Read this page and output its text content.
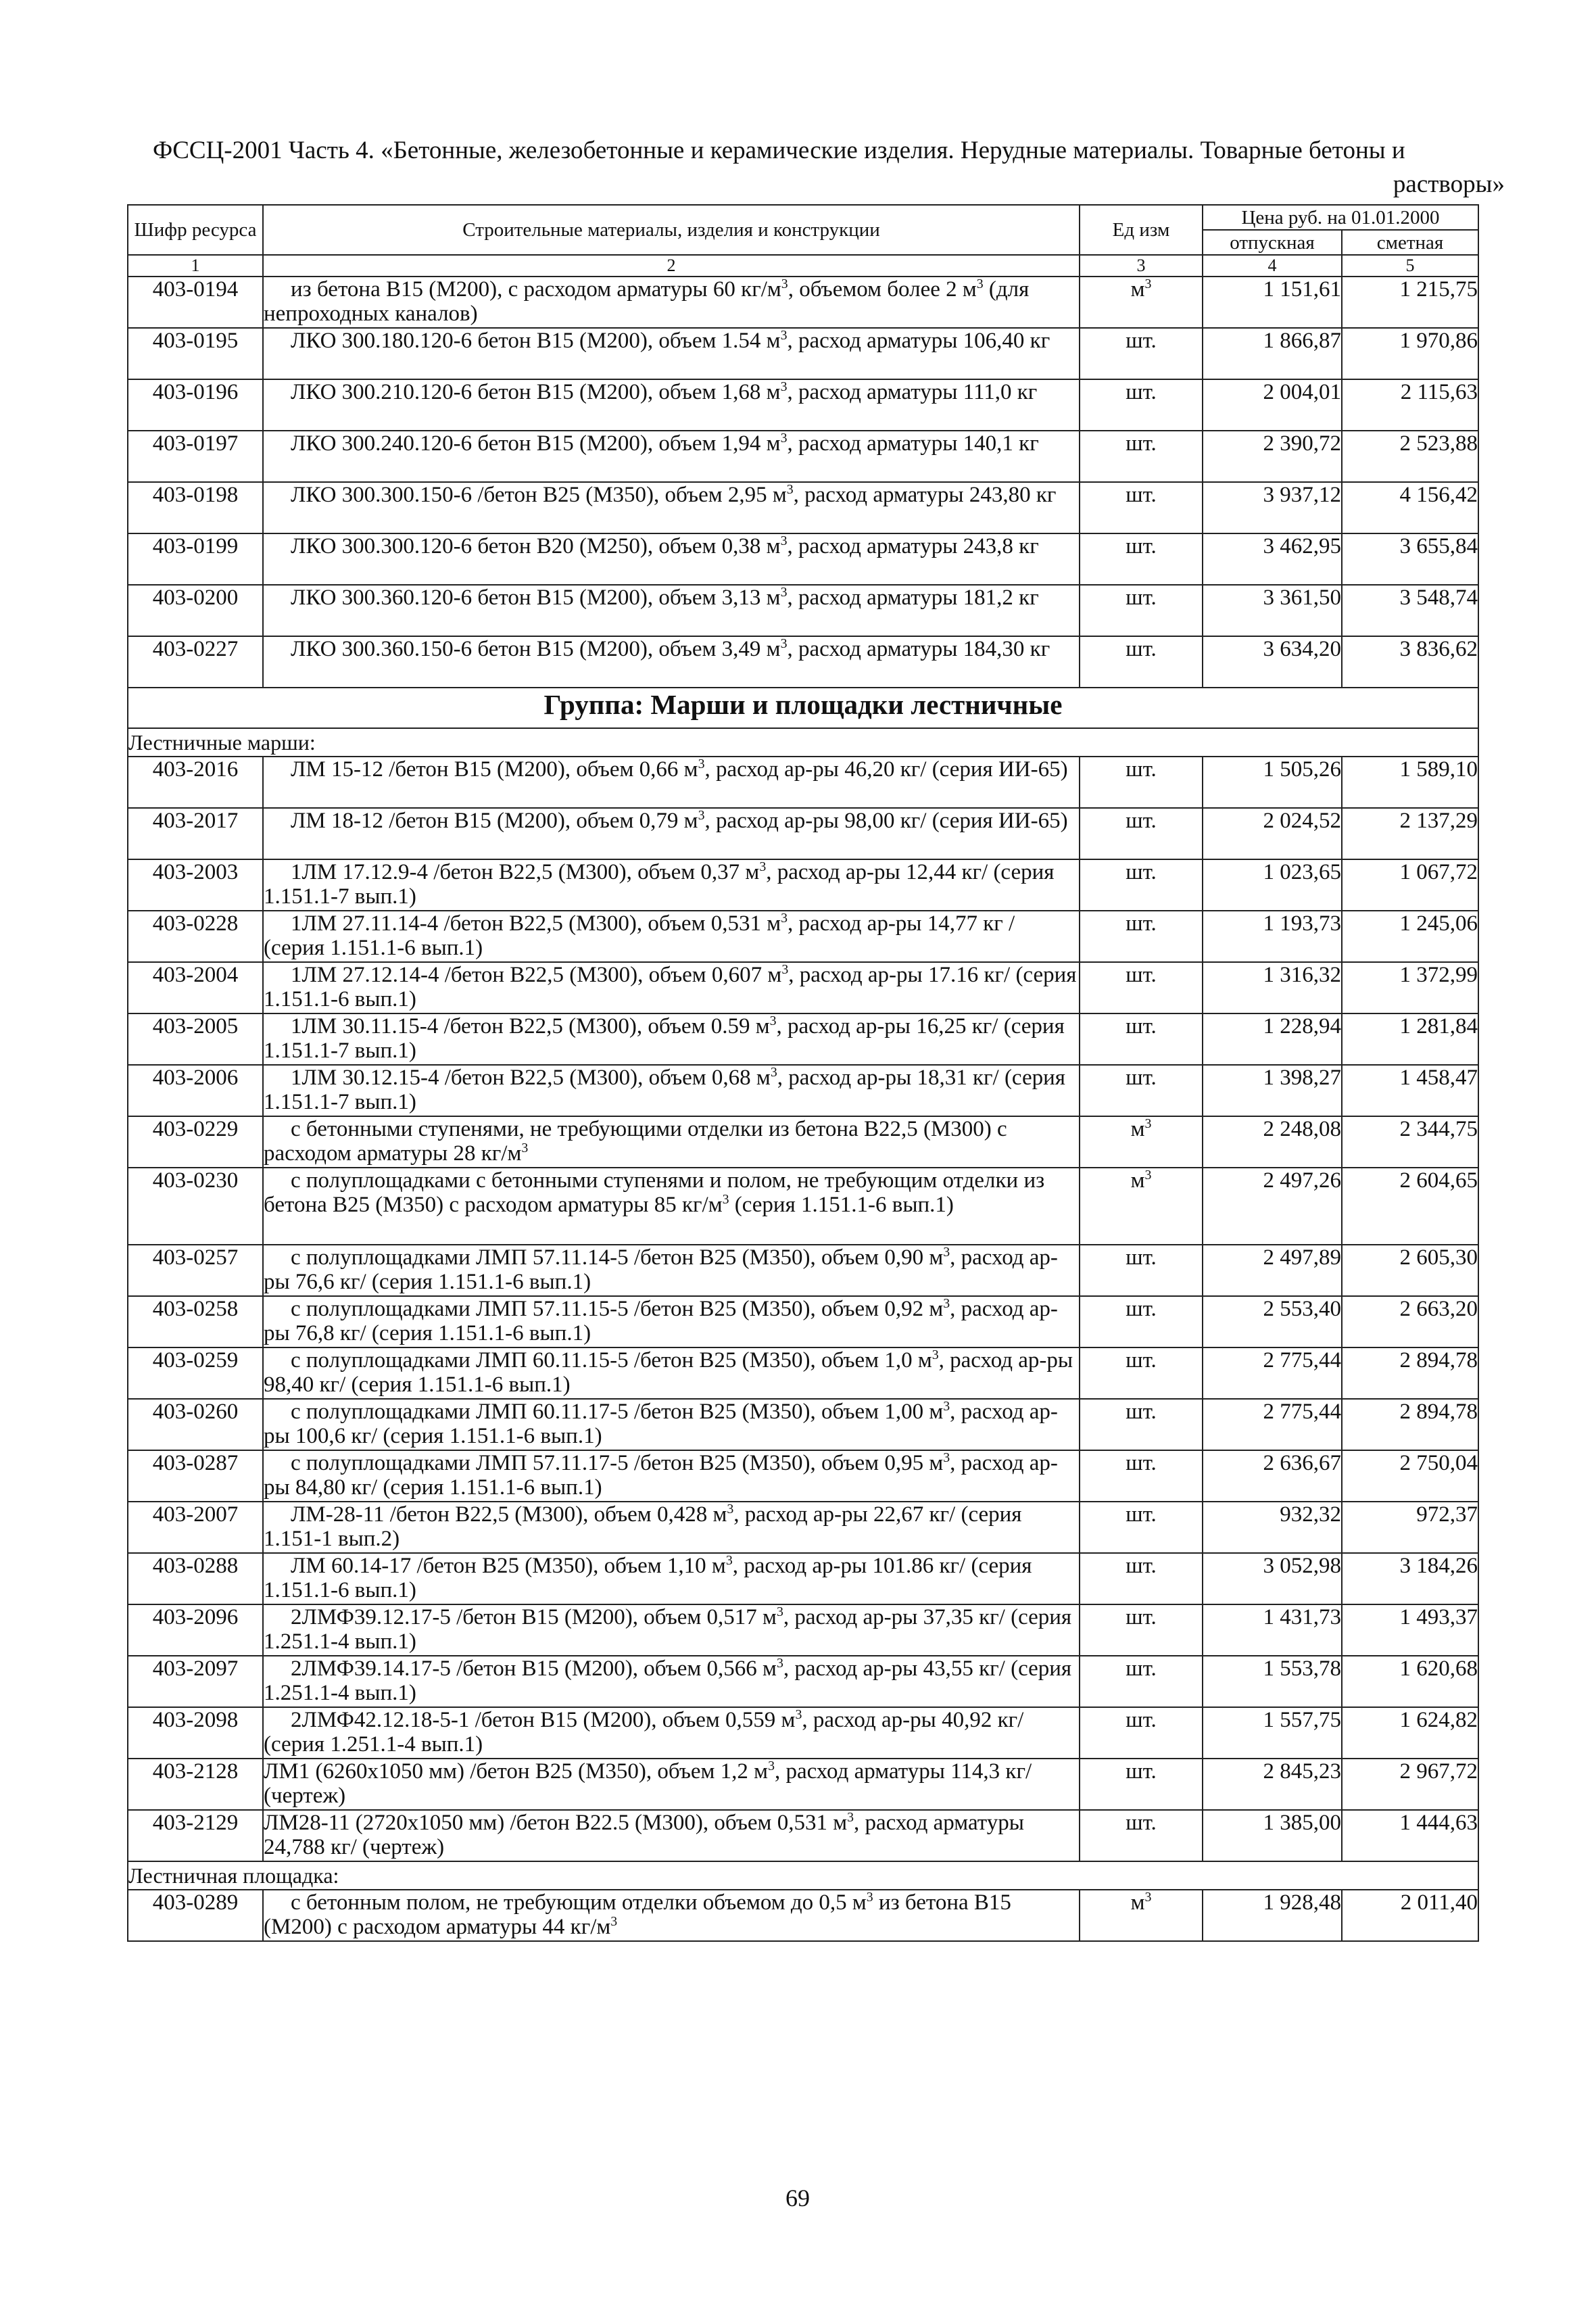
ФССЦ-2001 Часть 4. «Бетонные, железобетонные и керамические изделия. Нерудные материалы. Товарные бетоны и
растворы»
Шифр ресурса	Строительные материалы, изделия и конструкции	Ед изм	Цена руб. на 01.01.2000	
			отпускная	сметная
1	2	3	4	5
403-0194	из бетона В15 (М200), с расходом арматуры 60 $кг/м^3$, объемом более 2 $м^3$ (для непроходных каналов)	$м^3$	1 151,61	1 215,75
403-0195	ЛКО 300.180.120-6 бетон В15 (М200), объем 1.54 $м^3$, расход арматуры 106,40 кг	шт.	1 866,87	1 970,86
403-0196	ЛКО 300.210.120-6 бетон В15 (М200), объем 1,68 $м^3$, расход арматуры 111,0 кг	шт.	2 004,01	2 115,63
403-0197	ЛКО 300.240.120-6 бетон В15 (М200), объем 1,94 $м^3$, расход арматуры 140,1 кг	шт.	2 390,72	2 523,88
403-0198	ЛКО 300.300.150-6 /бетон В25 (М350), объем 2,95 $м^3$, расход арматуры 243,80 кг	шт.	3 937,12	4 156,42
403-0199	ЛКО 300.300.120-6 бетон В20 (М250), объем 0,38 $м^3$, расход арматуры 243,8 кг	шт.	3 462,95	3 655,84
403-0200	ЛКО 300.360.120-6 бетон В15 (М200), объем 3,13 $м^3$, расход арматуры 181,2 кг	шт.	3 361,50	3 548,74
403-0227	ЛКО 300.360.150-6 бетон В15 (М200), объем 3,49 $м^3$, расход арматуры 184,30 кг	шт.	3 634,20	3 836,62
Группа: Марши и площадки лестничные				
Лестничные марши:				
403-2016	ЛМ 15-12 /бетон В15 (М200), объем 0,66 $м^3$, расход ар-ры 46,20 кг/ (серия ИИ-65)	шт.	1 505,26	1 589,10
403-2017	ЛМ 18-12 /бетон В15 (М200), объем 0,79 $м^3$, расход ар-ры 98,00 кг/ (серия ИИ-65)	шт.	2 024,52	2 137,29
403-2003	1ЛМ 17.12.9-4 /бетон В22,5 (М300), объем 0,37 $м^3$, расход ар-ры 12,44 кг/ (серия 1.151.1-7 вып.1)	шт.	1 023,65	1 067,72
403-0228	1ЛМ 27.11.14-4 /бетон В22,5 (М300), объем 0,531 $м^3$, расход ар-ры 14,77 кг / (серия 1.151.1-6 вып.1)	шт.	1 193,73	1 245,06
403-2004	1ЛМ 27.12.14-4 /бетон В22,5 (М300), объем 0,607 $м^3$, расход ар-ры 17.16 кг/ (серия 1.151.1-6 вып.1)	шт.	1 316,32	1 372,99
403-2005	1ЛМ 30.11.15-4 /бетон В22,5 (М300), объем 0.59 $м^3$, расход ар-ры 16,25 кг/ (серия 1.151.1-7 вып.1)	шт.	1 228,94	1 281,84
403-2006	1ЛМ 30.12.15-4 /бетон В22,5 (М300), объем 0,68 $м^3$, расход ар-ры 18,31 кг/ (серия 1.151.1-7 вып.1)	шт.	1 398,27	1 458,47
403-0229	с бетонными ступенями, не требующими отделки из бетона В22,5 (М300) с расходом арматуры 28 $кг/м^3$	$м^3$	2 248,08	2 344,75
403-0230	с полуплощадками с бетонными ступенями и полом, не требующим отделки из бетона В25 (М350) с расходом арматуры 85 $кг/м^3$ (серия 1.151.1-6 вып.1)	$м^3$	2 497,26	2 604,65
403-0257	с полуплощадками ЛМП 57.11.14-5 /бетон В25 (М350), объем 0,90 $м^3$, расход ар-ры 76,6 кг/ (серия 1.151.1-6 вып.1)	шт.	2 497,89	2 605,30
403-0258	с полуплощадками ЛМП 57.11.15-5 /бетон В25 (М350), объем 0,92 $м^3$, расход ар-ры 76,8 кг/ (серия 1.151.1-6 вып.1)	шт.	2 553,40	2 663,20
403-0259	с полуплощадками ЛМП 60.11.15-5 /бетон В25 (М350), объем 1,0 $м^3$, расход ар-ры 98,40 кг/ (серия 1.151.1-6 вып.1)	шт.	2 775,44	2 894,78
403-0260	с полуплощадками ЛМП 60.11.17-5 /бетон В25 (М350), объем 1,00 $м^3$, расход ар-ры 100,6 кг/ (серия 1.151.1-6 вып.1)	шт.	2 775,44	2 894,78
403-0287	с полуплощадками ЛМП 57.11.17-5 /бетон В25 (М350), объем 0,95 $м^3$, расход ар-ры 84,80 кг/ (серия 1.151.1-6 вып.1)	шт.	2 636,67	2 750,04
403-2007	ЛМ-28-11 /бетон В22,5 (М300), объем 0,428 $м^3$, расход ар-ры 22,67 кг/ (серия 1.151-1 вып.2)	шт.	932,32	972,37
403-0288	ЛМ 60.14-17 /бетон В25 (М350), объем 1,10 $м^3$, расход ар-ры 101.86 кг/ (серия 1.151.1-6 вып.1)	шт.	3 052,98	3 184,26
403-2096	2ЛМФ39.12.17-5 /бетон В15 (М200), объем 0,517 $м^3$, расход ар-ры 37,35 кг/ (серия 1.251.1-4 вып.1)	шт.	1 431,73	1 493,37
403-2097	2ЛМФ39.14.17-5 /бетон В15 (М200), объем 0,566 $м^3$, расход ар-ры 43,55 кг/ (серия 1.251.1-4 вып.1)	шт.	1 553,78	1 620,68
403-2098	2ЛМФ42.12.18-5-1 /бетон В15 (М200), объем 0,559 $м^3$, расход ар-ры 40,92 кг/ (серия 1.251.1-4 вып.1)	шт.	1 557,75	1 624,82
403-2128	ЛМ1 (6260х1050 мм) /бетон В25 (М350), объем 1,2 $м^3$, расход арматуры 114,3 кг/ (чертеж)	шт.	2 845,23	2 967,72
403-2129	ЛМ28-11 (2720х1050 мм) /бетон В22.5 (М300), объем 0,531 $м^3$, расход арматуры 24,788 кг/ (чертеж)	шт.	1 385,00	1 444,63
Лестничная площадка:				
403-0289	с бетонным полом, не требующим отделки объемом до 0,5 $м^3$ из бетона В15 (М200) с расходом арматуры 44 $кг/м^3$	$м^3$	1 928,48	2 011,40
69
